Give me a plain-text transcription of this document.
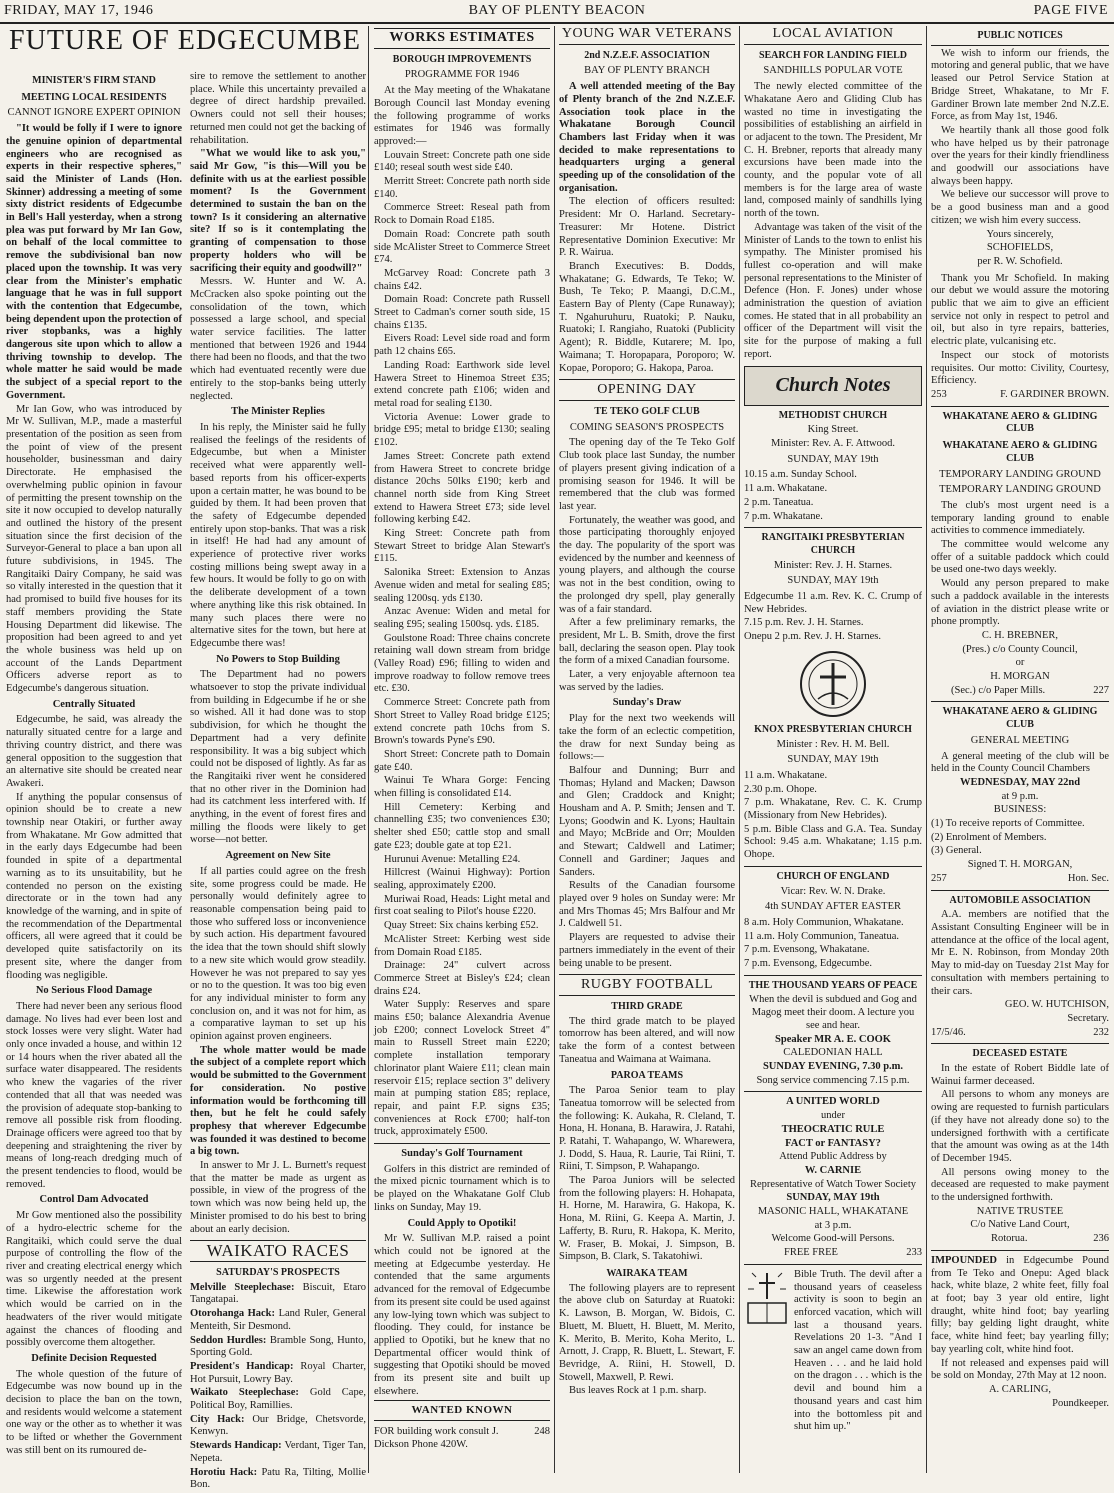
FRIDAY, MAY 17, 1946	BAY OF PLENTY BEACON	PAGE FIVE
FUTURE OF EDGECUMBE
MINISTER'S FIRM STAND
MEETING LOCAL RESIDENTS
CANNOT IGNORE EXPERT OPINION

"It would be folly if I were to ignore the genuine opinion of departmental engineers who are recognised as experts in their respective spheres," said the Minister of Lands (Hon. Skinner) addressing a meeting of some sixty district residents of Edgecumbe in Bell's Hall yesterday, when a strong plea was put forward by Mr Ian Gow, on behalf of the local committee to remove the subdivisional ban now placed upon the township. It was very clear from the Minister's emphatic language that he was in full support with the contention that Edgecumbe, being dependent upon the protection of river stopbanks, was a highly dangerous site upon which to allow a thriving township to develop. The whole matter he said would be made the subject of a special report to the Government.

Mr Ian Gow, who was introduced by Mr W. Sullivan, M.P., made a masterful presentation of the position as seen from the point of view of the present householder, businessman and dairy Directorate. He emphasised the overwhelming public opinion in favour of permitting the present township on the site it now occupied to develop naturally and outlined the history of the present situation since the first decision of the Surveyor-General to place a ban upon all future subdivisions, in 1945. The Rangitaiki Dairy Company, he said was so vitally interested in the question that it had promised to build five houses for its staff members providing the State Housing Department did likewise. The proposition had been agreed to and yet the whole business was held up on account of the Lands Department Officers adverse report as to Edgecumbe's dangerous situation.

Centrally Situated

Edgecumbe, he said, was already the naturally situated centre for a large and thriving country district, and there was general opposition to the suggestion that an alternative site should be created near Awakeri.

If anything the popular consensus of opinion should be to create a new township near Otakiri, or further away from Whakatane. Mr Gow admitted that in the early days Edgecumbe had been founded in spite of a departmental warning as to its unsuitability, but he contended no person on the existing directorate or in the town had any knowledge of the warning, and in spite of the recommendation of the Departmental officers, all were agreed that it could be developed quite satisfactorily on its present site, where the danger from flooding was negligible.

No Serious Flood Damage

There had never been any serious flood damage. No lives had ever been lost and stock losses were very slight. Water had only once invaded a house, and within 12 or 14 hours when the river abated all the surface water disappeared. The residents who knew the vagaries of the river contended that all that was needed was the provision of adequate stop-banking to remove all possible risk from flooding. Drainage officers were agreed too that by deepening and straightening the river by means of long-reach dredging much of the present tendencies to flood, would be removed.

Control Dam Advocated

Mr Gow mentioned also the possibility of a hydro-electric scheme for the Rangitaiki, which could serve the dual purpose of controlling the flow of the river and creating electrical energy which was so urgently needed at the present time. Likewise the afforestation work which would be carried on in the headwaters of the river would mitigate against the chances of flooding and possibly overcome them altogether.

Definite Decision Requested

The whole question of the future of Edgecumbe was now bound up in the decision to place the ban on the town, and residents would welcome a statement one way or the other as to whether it was to be lifted or whether the Government was still bent on its rumoured de-

sire to remove the settlement to another place. While this uncertainty prevailed a degree of direct hardship prevailed. Owners could not sell their houses; returned men could not get the backing of rehabilitation.

"What we would like to ask you," said Mr Gow, "is this—Will you be definite with us at the earliest possible moment? Is the Government determined to sustain the ban on the town? Is it considering an alternative site? If so is it contemplating the granting of compensation to those property holders who will be sacrificing their equity and goodwill?"

Messrs. W. Hunter and W. A. McCracken also spoke pointing out the consolidation of the town, which possessed a large school, and special water service facilities. The latter mentioned that between 1926 and 1944 there had been no floods, and that the two which had eventuated recently were due entirely to the stop-banks being utterly neglected.

The Minister Replies

In his reply, the Minister said he fully realised the feelings of the residents of Edgecumbe, but when a Minister received what were apparently well-based reports from his officer-experts upon a certain matter, he was bound to be guided by them. It had been proven that the safety of Edgecumbe depended entirely upon stop-banks. That was a risk in itself! He had had any amount of experience of protective river works costing millions being swept away in a few hours. It would be folly to go on with the deliberate development of a town where anything like this risk obtained. In many such places there were no alternative sites for the town, but here at Edgecumbe there was!

No Powers to Stop Building

The Department had no powers whatsoever to stop the private individual from building in Edgecumbe if he or she so wished. All it had done was to stop subdivision, for which he thought the Department had a very definite responsibility. It was a big subject which could not be disposed of lightly. As far as the Rangitaiki river went he considered that no other river in the Dominion had had its catchment less interfered with. If anything, in the event of forest fires and milling the floods were likely to get worse—not better.

Agreement on New Site

If all parties could agree on the fresh site, some progress could be made. He personally would definitely agree to reasonable compensation being paid to those who suffered loss or inconvenience by such action. His department favoured the idea that the town should shift slowly to a new site which would grow steadily. However he was not prepared to say yes or no to the question. It was too big even for any individual minister to form any conclusion on, and it was not for him, as a comparative layman to set up his opinion against proven engineers.

The whole matter would be made the subject of a complete report which would be submitted to the Government for consideration. No postive information would be forthcoming till then, but he felt he could safely prophesy that wherever Edgecumbe was founded it was destined to become a big town.

In answer to Mr J. L. Burnett's request that the matter be made as urgent as possible, in view of the progress of the town which was now being held up, the Minister promised to do his best to bring about an early decision.

WAIKATO RACES
SATURDAY'S PROSPECTS

Melville Steeplechase: Biscuit, Etaro Tangatapai.

Otorohanga Hack: Land Ruler, General Menteith, Sir Desmond.

Seddon Hurdles: Bramble Song, Hunto, Sporting Gold.

President's Handicap: Royal Charter, Hot Pursuit, Lowry Bay.

Waikato Steeplechase: Gold Cape, Political Boy, Ramillies.

City Hack: Our Bridge, Chetsvorde, Kenwyn.

Stewards Handicap: Verdant, Tiger Tan, Nepeta.

Horotiu Hack: Patu Ra, Tilting, Mollie Bon.

WORKS ESTIMATES
BOROUGH IMPROVEMENTS
PROGRAMME FOR 1946

At the May meeting of the Whakatane Borough Council last Monday evening the following programme of works estimates for 1946 was formally approved:—

Louvain Street: Concrete path one side £140; reseal south west side £40.

Merritt Street: Concrete path north side £140.

Commerce Street: Reseal path from Rock to Domain Road £185.

Domain Road: Concrete path south side McAlister Street to Commerce Street £74.

McGarvey Road: Concrete path 3 chains £42.

Domain Road: Concrete path Russell Street to Cadman's corner south side, 15 chains £135.

Eivers Road: Level side road and form path 12 chains £65.

Landing Road: Earthwork side level Hawera Street to Hinemoa Street £35; extend concrete path £106; widen and metal road for sealing £130.

Victoria Avenue: Lower grade to bridge £95; metal to bridge £130; sealing £102.

James Street: Concrete path extend from Hawera Street to concrete bridge distance 20chs 50lks £190; kerb and channel north side from King Street extend to Hawera Street £73; side level following kerbing £42.

King Street: Concrete path from Stewart Street to bridge Alan Stewart's £115.

Salonika Street: Extension to Anzas Avenue widen and metal for sealing £85; sealing 1200sq. yds £130.

Anzac Avenue: Widen and metal for sealing £95; sealing 1500sq. yds. £185.

Goulstone Road: Three chains concrete retaining wall down stream from bridge (Valley Road) £96; filling to widen and improve roadway to follow remove trees etc. £30.

Commerce Street: Concrete path from Short Street to Valley Road bridge £125; extend concrete path 10chs from S. Brown's towards Pyne's £90.

Short Street: Concrete path to Domain gate £40.

Wainui Te Whara Gorge: Fencing when filling is consolidated £14.

Hill Cemetery: Kerbing and channelling £35; two conveniences £30; shelter shed £50; cattle stop and small gate £23; double gate at top £21.

Hurunui Avenue: Metalling £24.

Hillcrest (Wainui Highway): Portion sealing, approximately £200.

Muriwai Road, Heads: Light metal and first coat sealing to Pilot's house £220.

Quay Street: Six chains kerbing £52.

McAlister Street: Kerbing west side from Domain Road £185.

Drainage: 24" culvert across Commerce Street at Bisley's £24; clean drains £24.

Water Supply: Reserves and spare mains £50; balance Alexandria Avenue job £200; connect Lovelock Street 4" main to Russell Street main £220; complete installation temporary chlorinator plant Waiere £11; clean main reservoir £15; replace section 3" delivery main at pumping station £85; replace, repair, and paint F.P. signs £35; conveniences at Rock £700; half-ton truck, approximately £500.

Sunday's Golf Tournament

Golfers in this district are reminded of the mixed picnic tournament which is to be played on the Whakatane Golf Club links on Sunday, May 19.

Could Apply to Opotiki!

Mr W. Sullivan M.P. raised a point which could not be ignored at the meeting at Edgecumbe yesterday. He contended that the same arguments advanced for the removal of Edgecumbe from its present site could be used against any low-lying town which was subject to flooding. They could, for instance be applied to Opotiki, but he knew that no Departmental officer would think of suggesting that Opotiki should be moved from its present site and built up elsewhere.

WANTED KNOWN
FOR building work consult J. Dickson Phone 420W.
248
YOUNG WAR VETERANS
2nd N.Z.E.F. ASSOCIATION
BAY OF PLENTY BRANCH

A well attended meeting of the Bay of Plenty branch of the 2nd N.Z.E.F. Association took place in the Whakatane Borough Council Chambers last Friday when it was decided to make representations to headquarters urging a general speeding up of the consolidation of the organisation.

The election of officers resulted: President: Mr O. Harland. Secretary-Treasurer: Mr Hotene. District Representative Dominion Executive: Mr P. R. Wairua.

Branch Executives: B. Dodds, Whakatane; G. Edwards, Te Teko; W. Bush, Te Teko; P. Maangi, D.C.M., Eastern Bay of Plenty (Cape Runaway); T. Ngahuruhuru, Ruatoki; P. Nauku, Ruatoki; I. Rangiaho, Ruatoki (Publicity Agent); R. Biddle, Kutarere; M. Ipo, Waimana; T. Horopapara, Poroporo; W. Kopae, Poroporo; G. Hakopa, Paroa.

OPENING DAY
TE TEKO GOLF CLUB
COMING SEASON'S PROSPECTS

The opening day of the Te Teko Golf Club took place last Sunday, the number of players present giving indication of a promising season for 1946. It will be remembered that the club was formed last year.

Fortunately, the weather was good, and those participating thoroughly enjoyed the day. The popularity of the sport was evidenced by the number and keenness of young players, and although the course was not in the best condition, owing to the prolonged dry spell, play generally was of a fair standard.

After a few preliminary remarks, the president, Mr L. B. Smith, drove the first ball, declaring the season open. Play took the form of a mixed Canadian foursome.

Later, a very enjoyable afternoon tea was served by the ladies.

Sunday's Draw

Play for the next two weekends will take the form of an eclectic competition, the draw for next Sunday being as follows:—

Balfour and Dunning; Burr and Thomas; Hyland and Macken; Dawson and Glen; Craddock and Knight; Housham and A. P. Smith; Jensen and T. Lyons; Goodwin and K. Lyons; Haultain and Mayo; McBride and Orr; Moulden and Stewart; Caldwell and Latimer; Connell and Gardiner; Jaques and Sanders.

Results of the Canadian foursome played over 9 holes on Sunday were: Mr and Mrs Thomas 45; Mrs Balfour and Mr J. Caldwell 51.

Players are requested to advise their partners immediately in the event of their being unable to be present.

RUGBY FOOTBALL
THIRD GRADE

The third grade match to be played tomorrow has been altered, and will now take the form of a contest between Taneatua and Waimana at Waimana.

PAROA TEAMS

The Paroa Senior team to play Taneatua tomorrow will be selected from the following: K. Aukaha, R. Cleland, T. Hona, H. Honana, B. Harawira, J. Ratahi, P. Ratahi, T. Wahapango, W. Wharewera, J. Dodd, S. Haua, R. Laurie, Tai Riini, T. Riini, T. Simpson, P. Wahapango.

The Paroa Juniors will be selected from the following players: H. Hohapata, H. Horne, M. Harawira, G. Hakopa, K. Hona, M. Riini, G. Keepa A. Martin, J. Lafferty, B. Ruru, R. Hakopa, K. Merito, W. Fraser, B. Mokai, J. Simpson, B. Simpson, B. Clark, S. Takatohiwi.

WAIRAKA TEAM

The following players are to represent the above club on Saturday at Ruatoki: K. Lawson, B. Morgan, W. Bidois, C. Bluett, M. Bluett, H. Bluett, M. Merito, K. Merito, B. Merito, Koha Merito, L. Arnott, J. Crapp, R. Bluett, L. Stewart, F. Bevridge, A. Riini, H. Stowell, D. Stowell, Maxwell, P. Rewi.

Bus leaves Rock at 1 p.m. sharp.

LOCAL AVIATION
SEARCH FOR LANDING FIELD
SANDHILLS POPULAR VOTE

The newly elected committee of the Whakatane Aero and Gliding Club has wasted no time in investigating the possibilities of establishing an airfield in or adjacent to the town. The President, Mr C. H. Brebner, reports that already many excursions have been made into the county, and the popular vote of all members is for the large area of waste land, composed mainly of sandhills lying north of the town.

Advantage was taken of the visit of the Minister of Lands to the town to enlist his sympathy. The Minister promised his fullest co-operation and will make personal representations to the Minister of Defence (Hon. F. Jones) under whose administration the question of aviation comes. He stated that in all probability an officer of the Department will visit the site for the purpose of making a full report.

Church Notes
METHODIST CHURCH

King Street.

Minister: Rev. A. F. Attwood.

SUNDAY, MAY 19th

10.15 a.m. Sunday School.

11 a.m. Whakatane.

2 p.m. Taneatua.

7 p.m. Whakatane.

RANGITAIKI PRESBYTERIAN CHURCH

Minister: Rev. J. H. Starnes.

SUNDAY, MAY 19th

Edgecumbe 11 a.m. Rev. K. C. Crump of New Hebrides.

7.15 p.m. Rev. J. H. Starnes.

Onepu 2 p.m. Rev. J. H. Starnes.

KNOX PRESBYTERIAN CHURCH

Minister : Rev. H. M. Bell.

SUNDAY, MAY 19th

11 a.m. Whakatane.

2.30 p.m. Ohope.

7 p.m. Whakatane, Rev. C. K. Crump (Missionary from New Hebrides).

5 p.m. Bible Class and G.A. Tea. Sunday School: 9.45 a.m. Whakatane; 1.15 p.m. Ohope.

CHURCH OF ENGLAND

Vicar: Rev. W. N. Drake.

4th SUNDAY AFTER EASTER

8 a.m. Holy Communion, Whakatane.

11 a.m. Holy Communion, Taneatua.

7 p.m. Evensong, Whakatane.

7 p.m. Evensong, Edgecumbe.

THE THOUSAND YEARS OF PEACE

When the devil is subdued and Gog and Magog meet their doom. A lecture you see and hear.

Speaker MR A. E. COOK

CALEDONIAN HALL

SUNDAY EVENING, 7.30 p.m.

Song service commencing 7.15 p.m.

A UNITED WORLD

under

THEOCRATIC RULE

FACT or FANTASY?

Attend Public Address by

W. CARNIE

Representative of Watch Tower Society

SUNDAY, MAY 19th

MASONIC HALL, WHAKATANE

at 3 p.m.

Welcome Good-will Persons.

FREE FREE	233

Bible Truth. The devil after a thousand years of ceaseless activity is soon to begin an enforced vacation, which will last a thousand years. Revelations 20 1-3. "And I saw an angel came down from Heaven . . . and he laid hold on the dragon . . . which is the devil and bound him a thousand years and cast him into the bottomless pit and shut him up."

PUBLIC NOTICES

We wish to inform our friends, the motoring and general public, that we have leased our Petrol Service Station at Bridge Street, Whakatane, to Mr F. Gardiner Brown late member 2nd N.Z.E. Force, as from May 1st, 1946.

We heartily thank all those good folk who have helped us by their patronage over the years for their kindly friendliness and goodwill our associations have always been happy.

We believe our successor will prove to be a good business man and a good citizen; we wish him every success.

Yours sincerely,

SCHOFIELDS,

per R. W. Schofield.

Thank you Mr Schofield. In making our debut we would assure the motoring public that we aim to give an efficient service not only in respect to petrol and oil, but also in tyre repairs, batteries, electric plate, vulcanising etc.

Inspect our stock of motorists requisites. Our motto: Civility, Courtesy, Efficiency.

253	F. GARDINER BROWN.
WHAKATANE AERO & GLIDING CLUB
WHAKATANE AERO & GLIDING CLUB
TEMPORARY LANDING GROUND
TEMPORARY LANDING GROUND

The club's most urgent need is a temporary landing ground to enable activities to commence immediately.

The committee would welcome any offer of a suitable paddock which could be used one-two days weekly.

Would any person prepared to make such a paddock available in the interests of aviation in the district please write or phone promptly.

C. H. BREBNER,

(Pres.) c/o County Council,

or

H. MORGAN

(Sec.) c/o Paper Mills.	227
WHAKATANE AERO & GLIDING CLUB
GENERAL MEETING

A general meeting of the club will be held in the County Council Chambers

WEDNESDAY, MAY 22nd

at 9 p.m.

BUSINESS:

(1) To receive reports of Committee.

(2) Enrolment of Members.

(3) General.

Signed T. H. MORGAN,

257	Hon. Sec.
AUTOMOBILE ASSOCIATION

A.A. members are notified that the Assistant Consulting Engineer will be in attendance at the office of the local agent, Mr E. N. Robinson, from Monday 20th May to mid-day on Tuesday 21st May for consultation with members pertaining to their cars.

GEO. W. HUTCHISON,

Secretary.

17/5/46.	232
DECEASED ESTATE

In the estate of Robert Biddle late of Wainui farmer deceased.

All persons to whom any moneys are owing are requested to furnish particulars (if they have not already done so) to the undersigned forthwith with a certificate that the amount was owing as at the 14th of December 1945.

All persons owing money to the deceased are requested to make payment to the undersigned forthwith.

NATIVE TRUSTEE

C/o Native Land Court,

Rotorua.	236

IMPOUNDED in Edgecumbe Pound from Te Teko and Onepu: Aged black hack, white blaze, 2 white feet, filly foal at foot; bay 3 year old entire, light draught, white hind foot; bay yearling filly; bay gelding light draught, white face, white hind feet; bay yearling filly; bay yearling colt, white hind foot.

If not released and expenses paid will be sold on Monday, 27th May at 12 noon.

A. CARLING,

Poundkeeper.
